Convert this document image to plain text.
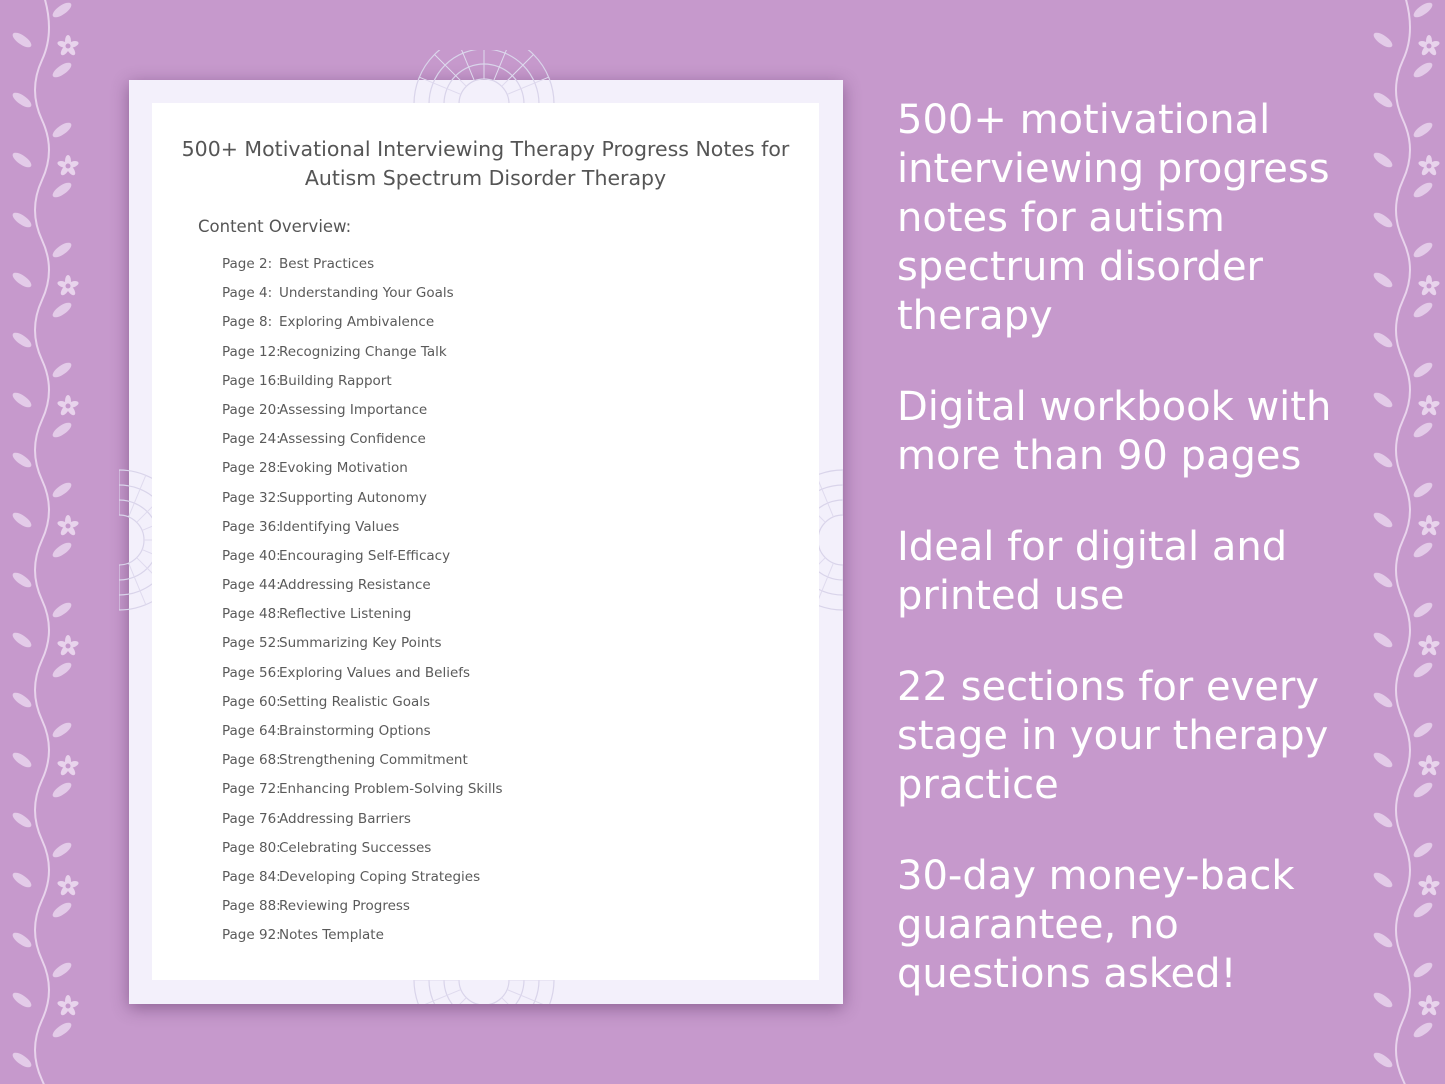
500+ Motivational Interviewing Therapy Progress Notes for
Autism Spectrum Disorder Therapy
Content Overview:
Page 2: Best Practices
Page 4: Understanding Your Goals
Page 8: Exploring Ambivalence
Page 12:Recognizing Change Talk
Page 16:Building Rapport
Page 20:Assessing Importance
Page 24:Assessing Confidence
Page 28:Evoking Motivation
Page 32:Supporting Autonomy
Page 36:Identifying Values
Page 40:Encouraging Self-Efficacy
Page 44:Addressing Resistance
Page 48:Reflective Listening
Page 52:Summarizing Key Points
Page 56:Exploring Values and Beliefs
Page 60:Setting Realistic Goals
Page 64:Brainstorming Options
Page 68:Strengthening Commitment
Page 72:Enhancing Problem-Solving Skills
Page 76:Addressing Barriers
Page 80:Celebrating Successes
Page 84:Developing Coping Strategies
Page 88:Reviewing Progress
Page 92:Notes Template

500+ motivational
interviewing progress
notes for autism
spectrum disorder
therapy

Digital workbook with
more than 90 pages

Ideal for digital and
printed use

22 sections for every
stage in your therapy
practice

30-day money-back
guarantee, no
questions asked!
